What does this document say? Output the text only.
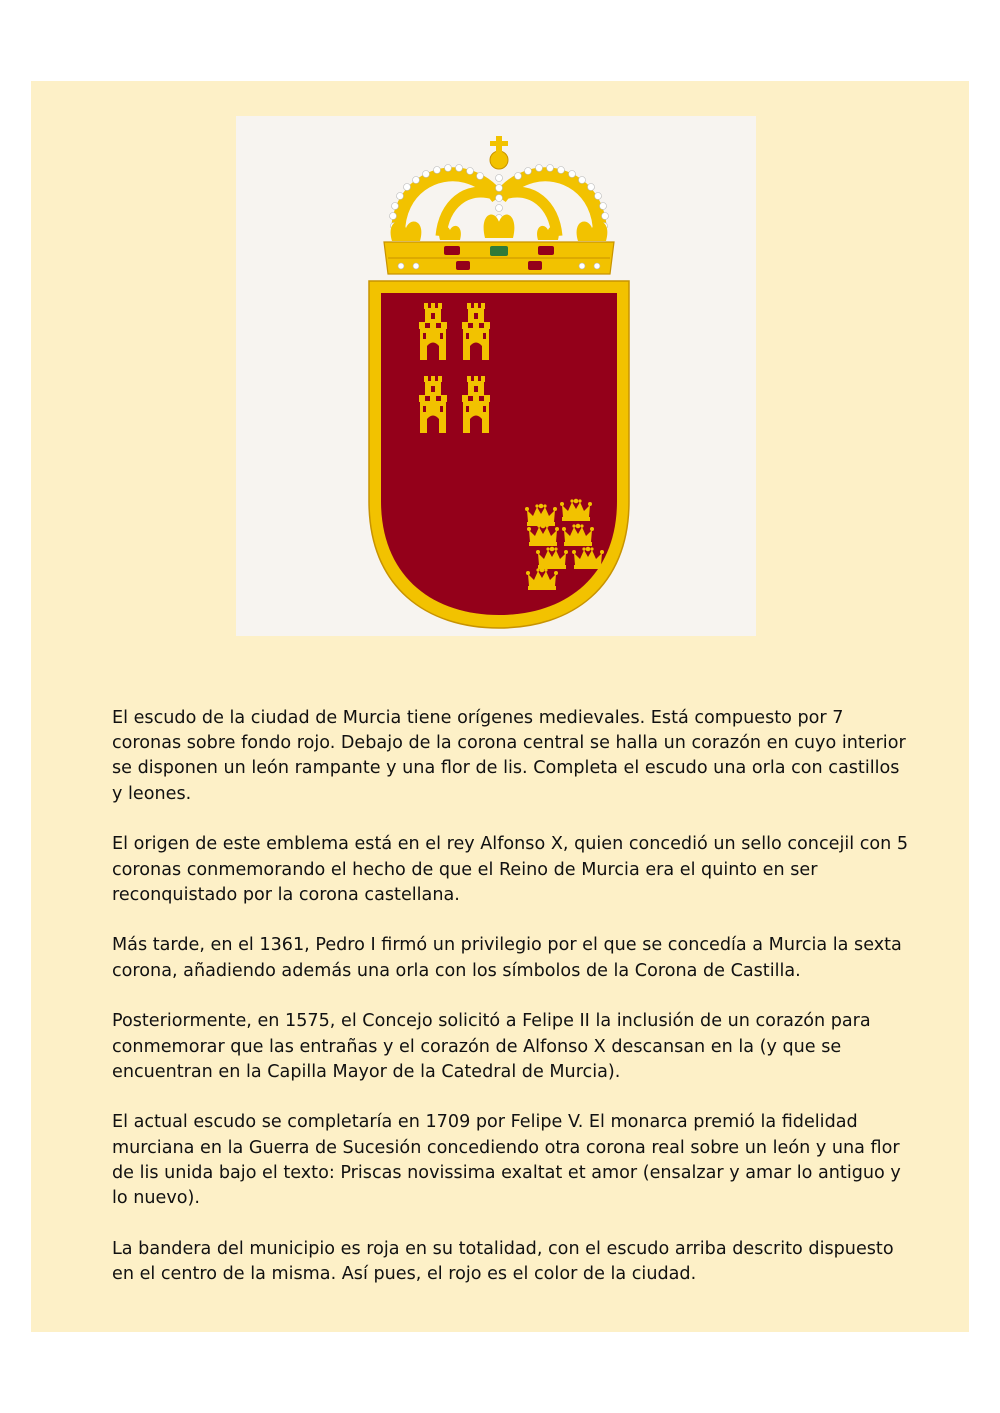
El escudo de la ciudad de Murcia tiene orígenes medievales. Está compuesto por 7 coronas sobre fondo rojo. Debajo de la corona central se halla un corazón en cuyo interior se disponen un león rampante y una flor de lis. Completa el escudo una orla con castillos y leones.

El origen de este emblema está en el rey Alfonso X, quien concedió un sello concejil con 5 coronas conmemorando el hecho de que el Reino de Murcia era el quinto en ser reconquistado por la corona castellana.

Más tarde, en el 1361, Pedro I firmó un privilegio por el que se concedía a Murcia la sexta corona, añadiendo además una orla con los símbolos de la Corona de Castilla.

Posteriormente, en 1575, el Concejo solicitó a Felipe II la inclusión de un corazón para conmemorar que las entrañas y el corazón de Alfonso X descansan en la (y que se encuentran en la Capilla Mayor de la Catedral de Murcia).

El actual escudo se completaría en 1709 por Felipe V. El monarca premió la fidelidad murciana en la Guerra de Sucesión concediendo otra corona real sobre un león y una flor de lis unida bajo el texto: Priscas novissima exaltat et amor (ensalzar y amar lo antiguo y lo nuevo).

La bandera del municipio es roja en su totalidad, con el escudo arriba descrito dispuesto en el centro de la misma. Así pues, el rojo es el color de la ciudad.
